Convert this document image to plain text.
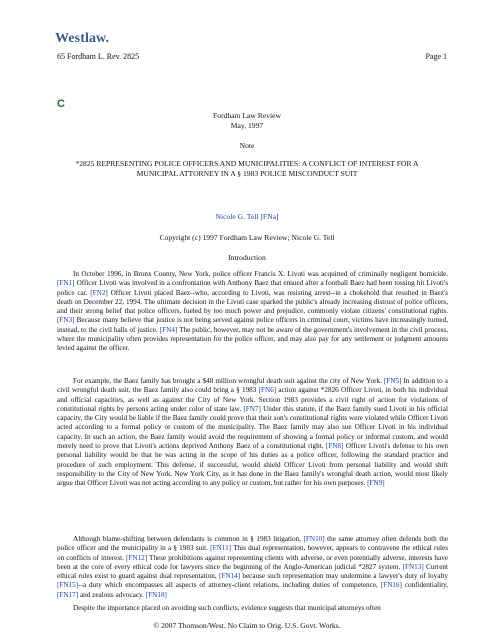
Westlaw.
65 Fordham L. Rev. 2825	Page 1
C
Fordham Law Review
May, 1997
Note
*2825 REPRESENTING POLICE OFFICERS AND MUNICIPALITIES: A CONFLICT OF INTEREST FOR A
MUNICIPAL ATTORNEY IN A § 1983 POLICE MISCONDUCT SUIT
Nicole G. Tell [FNa]
Copyright (c) 1997 Fordham Law Review; Nicole G. Tell
Introduction
In October 1996, in Bronx County, New York, police officer Francis X. Livoti was acquitted of criminally negligent homicide. [FN1] Officer Livoti was involved in a confrontation with Anthony Baez that ensued after a football Baez had been tossing hit Livoti's police car. [FN2] Officer Livoti placed Baez--who, according to Livoti, was resisting arrest--in a chokehold that resulted in Baez's death on December 22, 1994. The ultimate decision in the Livoti case sparked the public's already increasing distrust of police officers, and their strong belief that police officers, fueled by too much power and prejudice, commonly violate citizens' constitutional rights. [FN3] Because many believe that justice is not being served against police officers in criminal court, victims have increasingly turned, instead, to the civil halls of justice. [FN4] The public, however, may not be aware of the government's involvement in the civil process, where the municipality often provides representation for the police officer, and may also pay for any settlement or judgment amounts levied against the officer.
For example, the Baez family has brought a $48 million wrongful death suit against the city of New York. [FN5] In addition to a civil wrongful death suit, the Baez family also could bring a § 1983 [FN6] action against *2826 Officer Livoti, in both his individual and official capacities, as well as against the City of New York. Section 1983 provides a civil right of action for violations of constitutional rights by persons acting under color of state law. [FN7] Under this statute, if the Baez family sued Livoti in his official capacity, the City would be liable if the Baez family could prove that their son's constitutional rights were violated while Officer Livoti acted according to a formal policy or custom of the municipality. The Baez family may also sue Officer Livoti in his individual capacity. In such an action, the Baez family would avoid the requirement of showing a formal policy or informal custom, and would merely need to prove that Livoti's actions deprived Anthony Baez of a constitutional right. [FN8] Officer Livoti's defense to his own personal liability would be that he was acting in the scope of his duties as a police officer, following the standard practice and procedure of such employment. This defense, if successful, would shield Officer Livoti from personal liability and would shift responsibility to the City of New York. New York City, as it has done in the Baez family's wrongful death action, would most likely argue that Officer Livoti was not acting according to any policy or custom, but rather for his own purposes. [FN9]
Although blame-shifting between defendants is common in § 1983 litigation, [FN10] the same attorney often defends both the police officer and the municipality in a § 1983 suit. [FN11] This dual representation, however, appears to contravene the ethical rules on conflicts of interest. [FN12] These prohibitions against representing clients with adverse, or even potentially adverse, interests have been at the core of every ethical code for lawyers since the beginning of the Anglo-American judicial *2827 system. [FN13] Current ethical rules exist to guard against dual representation, [FN14] because such representation may undermine a lawyer's duty of loyalty [FN15]--a duty which encompasses all aspects of attorney-client relations, including duties of competence, [FN16] confidentiality, [FN17] and zealous advocacy. [FN18]
Despite the importance placed on avoiding such conflicts, evidence suggests that municipal attorneys often
© 2007 Thomson/West. No Claim to Orig. U.S. Govt. Works.
